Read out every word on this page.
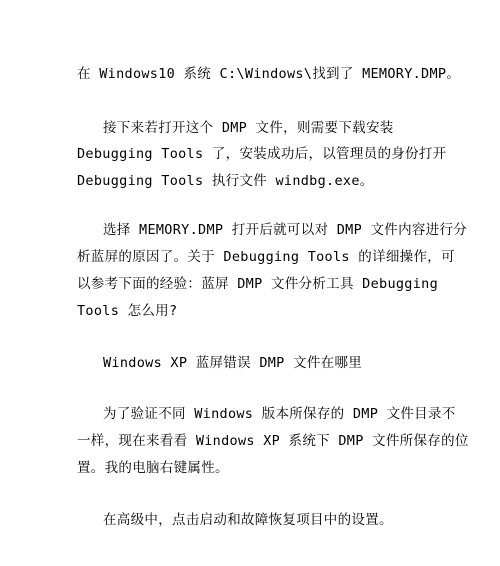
在 Windows10 系统 C:\Windows\找到了 MEMORY.DMP。
接下来若打开这个 DMP 文件，则需要下载安装
Debugging Tools 了，安装成功后，以管理员的身份打开
Debugging Tools 执行文件 windbg.exe。
选择 MEMORY.DMP 打开后就可以对 DMP 文件内容进行分
析蓝屏的原因了。关于 Debugging Tools 的详细操作，可
以参考下面的经验：蓝屏 DMP 文件分析工具 Debugging
Tools 怎么用?
Windows XP 蓝屏错误 DMP 文件在哪里
为了验证不同 Windows 版本所保存的 DMP 文件目录不
一样，现在来看看 Windows XP 系统下 DMP 文件所保存的位
置。我的电脑右键属性。
在高级中，点击启动和故障恢复项目中的设置。
